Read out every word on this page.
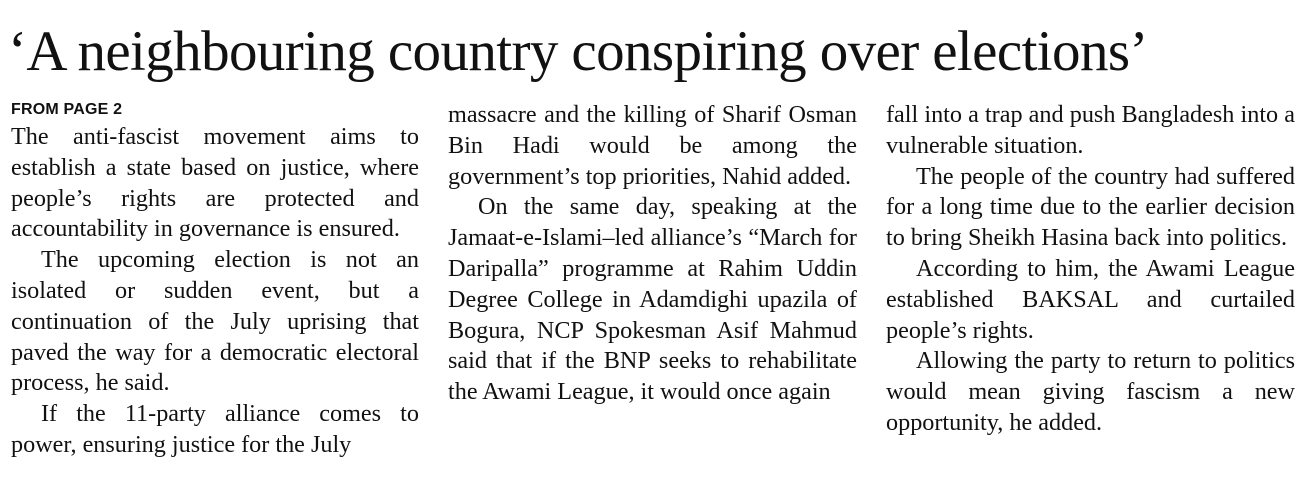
‘A neighbouring country conspiring over elections’
FROM PAGE 2

The anti-fascist movement aims to establish a state based on justice, where people’s rights are protected and accountability in governance is ensured.

The upcoming election is not an isolated or sudden event, but a continuation of the July uprising that paved the way for a democratic electoral process, he said.

If the 11-party alliance comes to power, ensuring justice for the July

massacre and the killing of Sharif Osman Bin Hadi would be among the government’s top priorities, Nahid added.

On the same day, speaking at the Jamaat-e-Islami–led alliance’s “March for Daripalla” programme at Rahim Uddin Degree College in Adamdighi upazila of Bogura, NCP Spokesman Asif Mahmud said that if the BNP seeks to rehabilitate the Awami League, it would once again

fall into a trap and push Bangladesh into a vulnerable situation.

The people of the country had suffered for a long time due to the earlier decision to bring Sheikh Hasina back into politics.

According to him, the Awami League established BAKSAL and curtailed people’s rights.

Allowing the party to return to politics would mean giving fascism a new opportunity, he added.
